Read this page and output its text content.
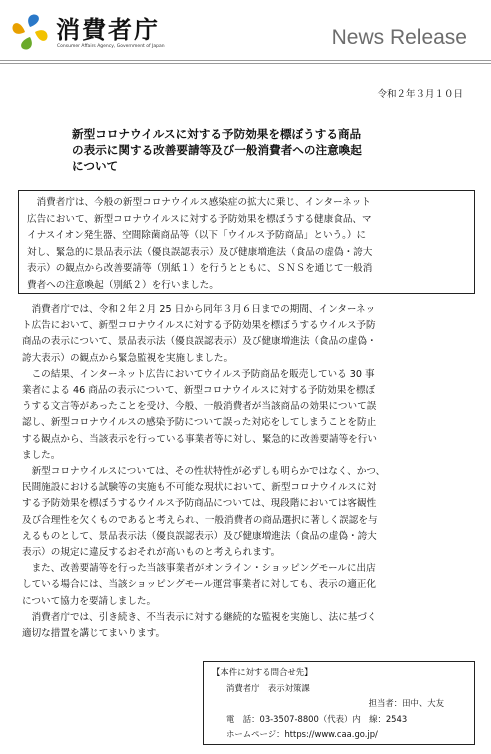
消費者庁
Consumer Affairs Agency, Government of Japan	News Release
令和２年３月１０日
新型コロナウイルスに対する予防効果を標ぼうする商品
の表示に関する改善要請等及び一般消費者への注意喚起
について
　消費者庁は、今般の新型コロナウイルス感染症の拡大に乗じ、インターネット
広告において、新型コロナウイルスに対する予防効果を標ぼうする健康食品、マ
イナスイオン発生器、空間除菌商品等（以下「ウイルス予防商品」という。）に
対し、緊急的に景品表示法（優良誤認表示）及び健康増進法（食品の虚偽・誇大
表示）の観点から改善要請等（別紙１）を行うとともに、ＳＮＳを通じて一般消
費者への注意喚起（別紙２）を行いました。
　消費者庁では、令和２年２月 25 日から同年３月６日までの期間、インターネッ
ト広告において、新型コロナウイルスに対する予防効果を標ぼうするウイルス予防
商品の表示について、景品表示法（優良誤認表示）及び健康増進法（食品の虚偽・
誇大表示）の観点から緊急監視を実施しました。
　この結果、インターネット広告においてウイルス予防商品を販売している 30 事
業者による 46 商品の表示について、新型コロナウイルスに対する予防効果を標ぼ
うする文言等があったことを受け、今般、一般消費者が当該商品の効果について誤
認し、新型コロナウイルスの感染予防について誤った対応をしてしまうことを防止
する観点から、当該表示を行っている事業者等に対し、緊急的に改善要請等を行い
ました。
　新型コロナウイルスについては、その性状特性が必ずしも明らかではなく、かつ、
民間施設における試験等の実施も不可能な現状において、新型コロナウイルスに対
する予防効果を標ぼうするウイルス予防商品については、現段階においては客観性
及び合理性を欠くものであると考えられ、一般消費者の商品選択に著しく誤認を与
えるものとして、景品表示法（優良誤認表示）及び健康増進法（食品の虚偽・誇大
表示）の規定に違反するおそれが高いものと考えられます。
　また、改善要請等を行った当該事業者がオンライン・ショッピングモールに出店
している場合には、当該ショッピングモール運営事業者に対しても、表示の適正化
について協力を要請しました。
　消費者庁では、引き続き、不当表示に対する継続的な監視を実施し、法に基づく
適切な措置を講じてまいります。
【本件に対する問合せ先】
消費者庁　表示対策課
担当者：田中、大友
電　話：03-3507-8800（代表）内　線：2543
ホームページ：https://www.caa.go.jp/
